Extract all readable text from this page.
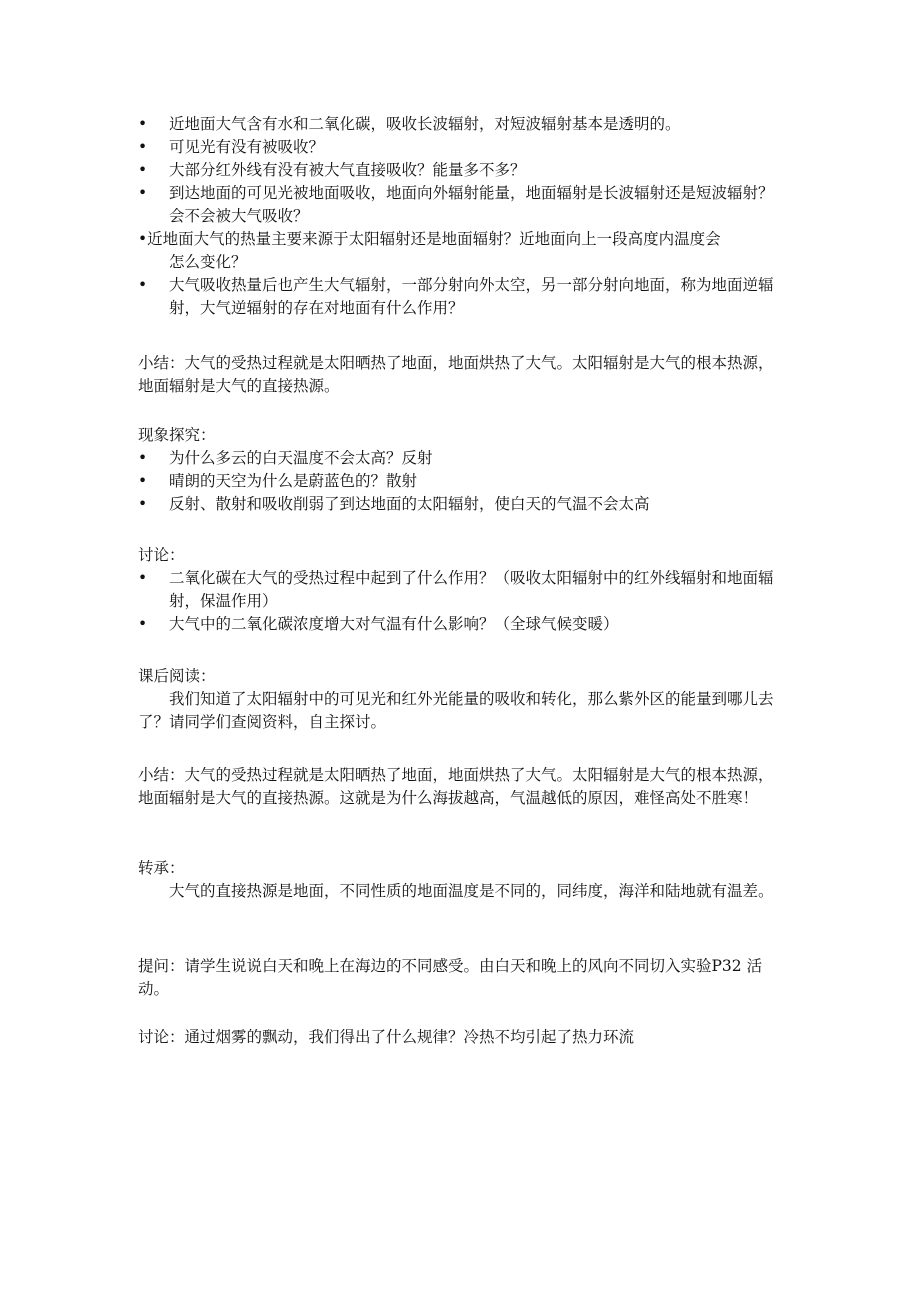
• 近地面大气含有水和二氧化碳，吸收长波辐射，对短波辐射基本是透明的。
• 可见光有没有被吸收？
• 大部分红外线有没有被大气直接吸收？能量多不多？
• 到达地面的可见光被地面吸收，地面向外辐射能量，地面辐射是长波辐射还是短波辐射？会不会被大气吸收？
•近地面大气的热量主要来源于太阳辐射还是地面辐射？近地面向上一段高度内温度会
怎么变化？
• 大气吸收热量后也产生大气辐射，一部分射向外太空，另一部分射向地面，称为地面逆辐射，大气逆辐射的存在对地面有什么作用？

小结：大气的受热过程就是太阳晒热了地面，地面烘热了大气。太阳辐射是大气的根本热源，地面辐射是大气的直接热源。

现象探究：

• 为什么多云的白天温度不会太高？反射
• 晴朗的天空为什么是蔚蓝色的？散射
• 反射、散射和吸收削弱了到达地面的太阳辐射，使白天的气温不会太高

讨论：

• 二氧化碳在大气的受热过程中起到了什么作用？（吸收太阳辐射中的红外线辐射和地面辐射，保温作用）
• 大气中的二氧化碳浓度增大对气温有什么影响？（全球气候变暖）

课后阅读：

我们知道了太阳辐射中的可见光和红外光能量的吸收和转化，那么紫外区的能量到哪儿去了？请同学们查阅资料，自主探讨。

小结：大气的受热过程就是太阳晒热了地面，地面烘热了大气。太阳辐射是大气的根本热源，地面辐射是大气的直接热源。这就是为什么海拔越高，气温越低的原因，难怪高处不胜寒！

转承：

大气的直接热源是地面，不同性质的地面温度是不同的，同纬度，海洋和陆地就有温差。

提问：请学生说说白天和晚上在海边的不同感受。由白天和晚上的风向不同切入实验P32 活动。

讨论：通过烟雾的飘动，我们得出了什么规律？冷热不均引起了热力环流
